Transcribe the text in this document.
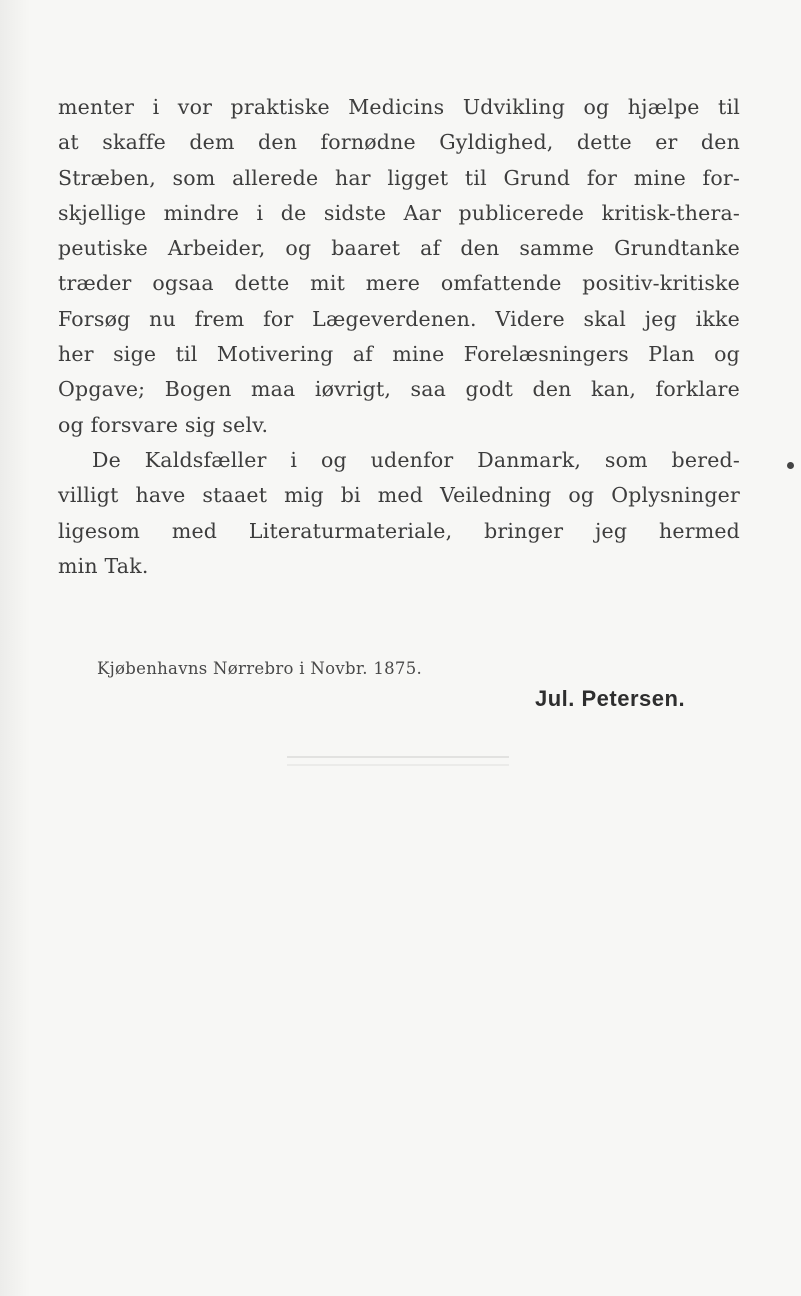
menter i vor praktiske Medicins Udvikling og hjælpe til
at skaffe dem den fornødne Gyldighed, dette er den
Stræben, som allerede har ligget til Grund for mine for-
skjellige mindre i de sidste Aar publicerede kritisk-thera-
peutiske Arbeider, og baaret af den samme Grundtanke
træder ogsaa dette mit mere omfattende positiv-kritiske
Forsøg nu frem for Lægeverdenen. Videre skal jeg ikke
her sige til Motivering af mine Forelæsningers Plan og
Opgave; Bogen maa iøvrigt, saa godt den kan, forklare
og forsvare sig selv.
De Kaldsfæller i og udenfor Danmark, som bered-
villigt have staaet mig bi med Veiledning og Oplysninger
ligesom med Literaturmateriale, bringer jeg hermed
min Tak.
Kjøbenhavns Nørrebro i Novbr. 1875.
Jul. Petersen.
